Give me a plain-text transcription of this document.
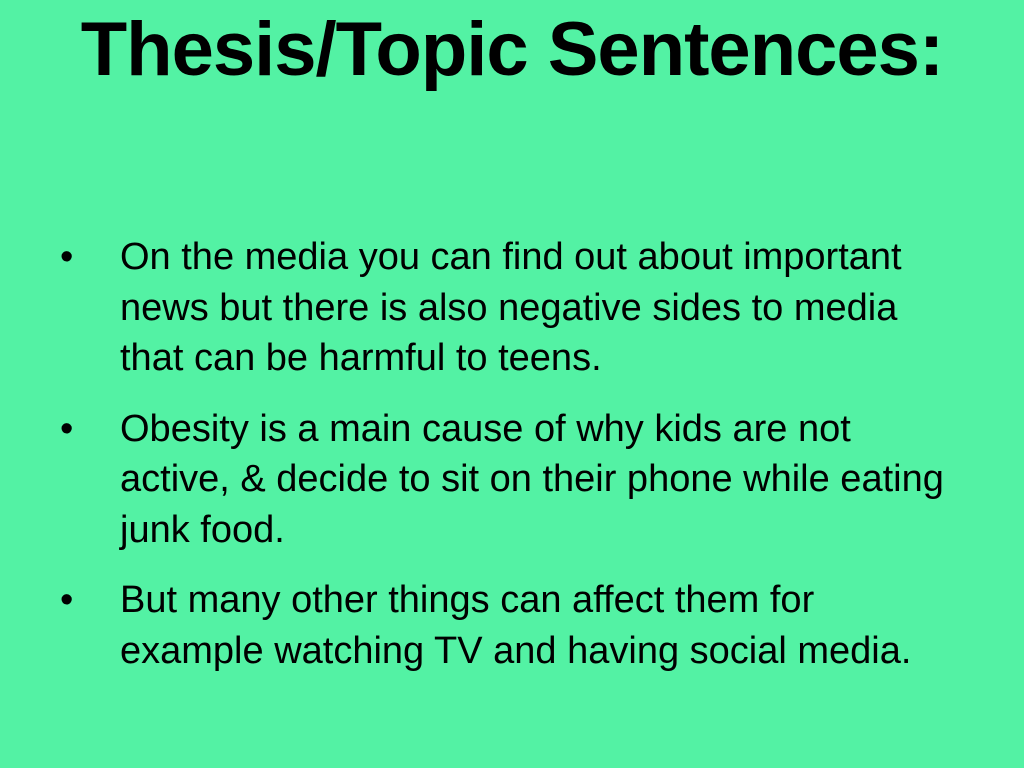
Thesis/Topic Sentences:
• On the media you can find out about important news but there is also negative sides to media that can be harmful to teens.
• Obesity is a main cause of why kids are not active, & decide to sit on their phone while eating junk food.
• But many other things can affect them for example watching TV and having social media.
